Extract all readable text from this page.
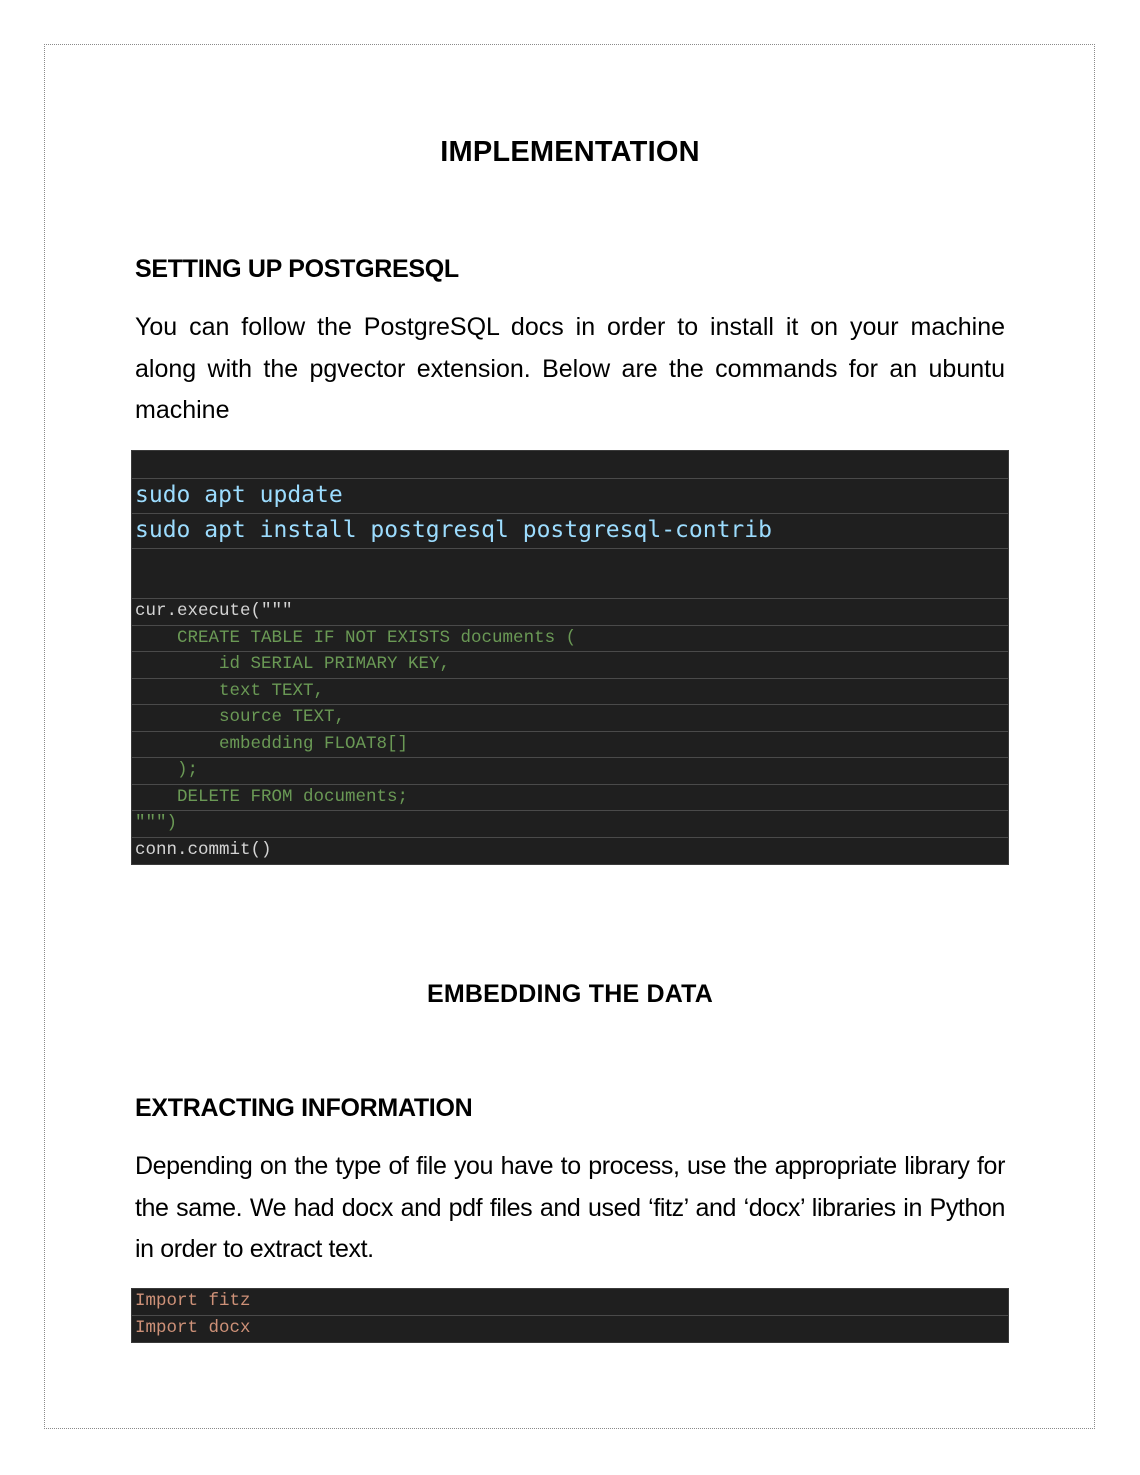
IMPLEMENTATION
SETTING UP POSTGRESQL
You can follow the PostgreSQL docs in order to install it on your machine along with the pgvector extension. Below are the commands for an ubuntu machine
sudo apt update
sudo apt install postgresql postgresql-contrib
cur.execute("""
CREATE TABLE IF NOT EXISTS documents (
id SERIAL PRIMARY KEY,
text TEXT,
source TEXT,
embedding FLOAT8[]
);
DELETE FROM documents;
""")
conn.commit()
EMBEDDING THE DATA
EXTRACTING INFORMATION
Depending on the type of file you have to process, use the appropriate library for the same. We had docx and pdf files and used ‘fitz’ and ‘docx’ libraries in Python in order to extract text.
Import fitz
Import docx
